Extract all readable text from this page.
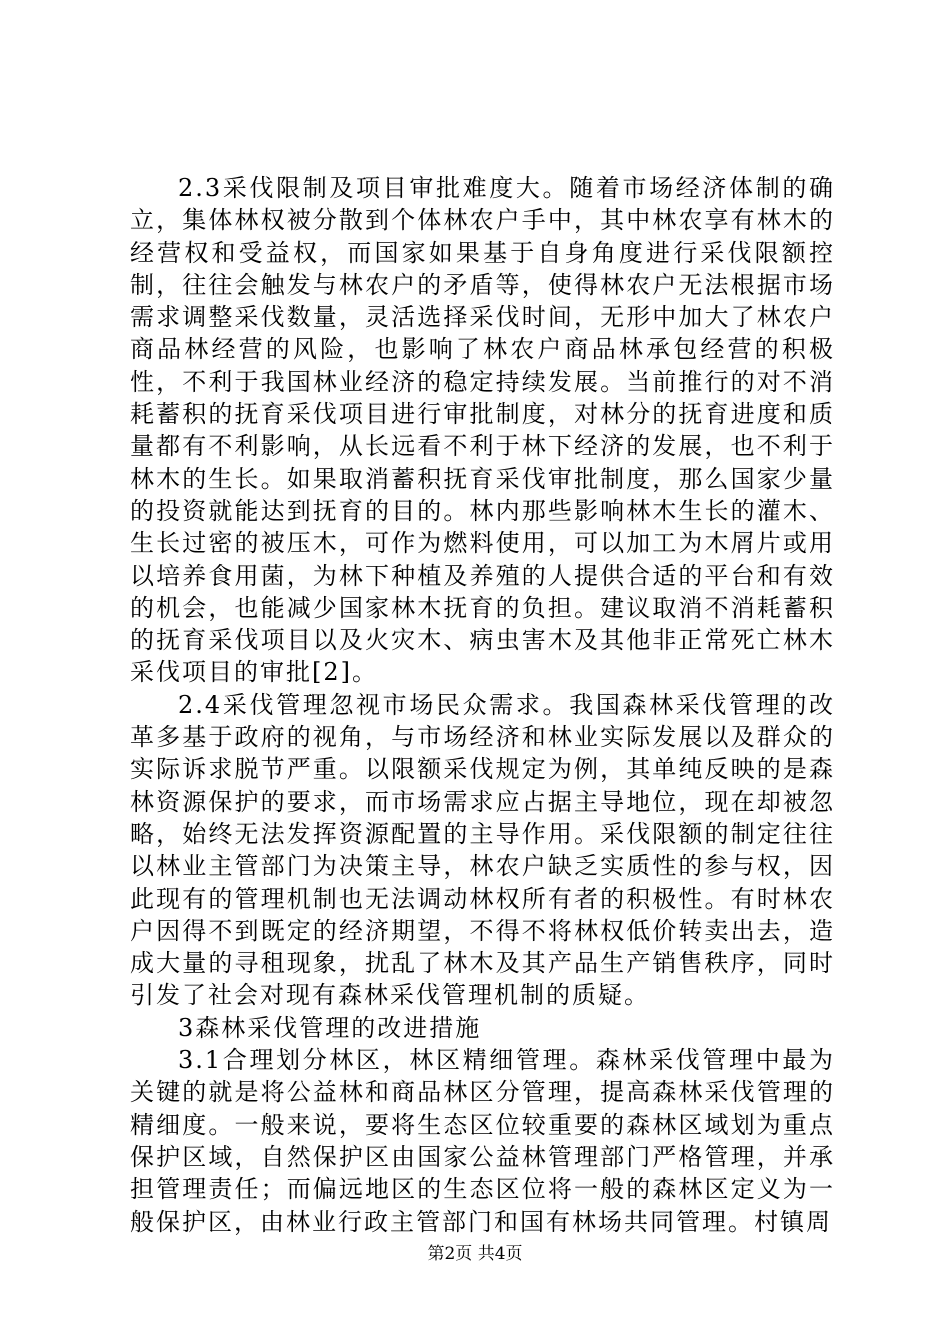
2.3采伐限制及项目审批难度大。随着市场经济体制的确立，集体林权被分散到个体林农户手中，其中林农享有林木的经营权和受益权，而国家如果基于自身角度进行采伐限额控制，往往会触发与林农户的矛盾等，使得林农户无法根据市场需求调整采伐数量，灵活选择采伐时间，无形中加大了林农户商品林经营的风险，也影响了林农户商品林承包经营的积极性，不利于我国林业经济的稳定持续发展。当前推行的对不消耗蓄积的抚育采伐项目进行审批制度，对林分的抚育进度和质量都有不利影响，从长远看不利于林下经济的发展，也不利于林木的生长。如果取消蓄积抚育采伐审批制度，那么国家少量的投资就能达到抚育的目的。林内那些影响林木生长的灌木、生长过密的被压木，可作为燃料使用，可以加工为木屑片或用以培养食用菌，为林下种植及养殖的人提供合适的平台和有效的机会，也能减少国家林木抚育的负担。建议取消不消耗蓄积的抚育采伐项目以及火灾木、病虫害木及其他非正常死亡林木采伐项目的审批[2]。

2.4采伐管理忽视市场民众需求。我国森林采伐管理的改革多基于政府的视角，与市场经济和林业实际发展以及群众的实际诉求脱节严重。以限额采伐规定为例，其单纯反映的是森林资源保护的要求，而市场需求应占据主导地位，现在却被忽略，始终无法发挥资源配置的主导作用。采伐限额的制定往往以林业主管部门为决策主导，林农户缺乏实质性的参与权，因此现有的管理机制也无法调动林权所有者的积极性。有时林农户因得不到既定的经济期望，不得不将林权低价转卖出去，造成大量的寻租现象，扰乱了林木及其产品生产销售秩序，同时引发了社会对现有森林采伐管理机制的质疑。

3森林采伐管理的改进措施

3.1合理划分林区，林区精细管理。森林采伐管理中最为关键的就是将公益林和商品林区分管理，提高森林采伐管理的精细度。一般来说，要将生态区位较重要的森林区域划为重点保护区域，自然保护区由国家公益林管理部门严格管理，并承担管理责任；而偏远地区的生态区位将一般的森林区定义为一般保护区，由林业行政主管部门和国有林场共同管理。村镇周

第2页 共4页
